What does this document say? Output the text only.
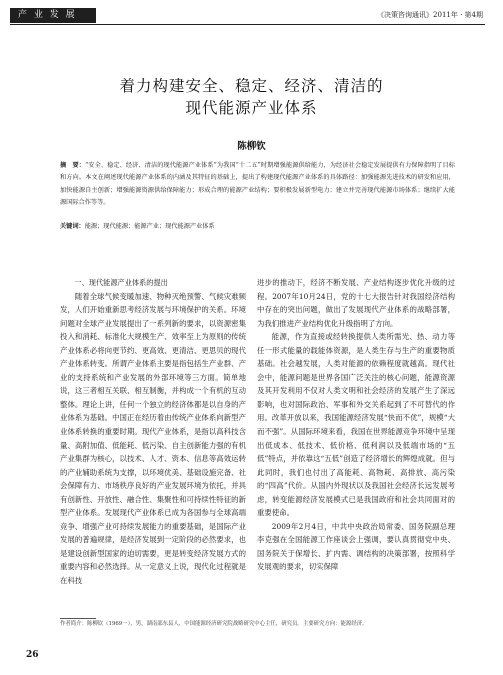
产 业 发 展	《决策咨询通讯》2011年 · 第4期
着力构建安全、稳定、经济、清洁的
现代能源产业体系
陈柳钦
摘　要：“安全、稳定、经济、清洁的现代能源产业体系”为我国“十二五”时期增强能源供给能力，为经济社会稳定发展提供有力保障指明了目标和方向。本文在阐述现代能源产业体系的内涵及其特征的基础上，提出了构建现代能源产业体系的具体路径：加强能源先进技术的研发和应用，加快能源自主创新；增强能源资源供给保障能力；形成合理的能源产业结构；要积极发展新型电力；建立并完善现代能源市场体系；继续扩大能源国际合作等等。
关键词：能源；现代能源；能源产业；现代能源产业体系

一、现代能源产业体系的提出

随着全球气候变暖加速、物种灭绝预警、气候灾难频发，人们开始重新思考经济发展与环境保护的关系。环境问题对全球产业发展提出了一系列新的要求，以资源密集投入和消耗、标准化大规模生产、效率至上为原则的传统产业体系必将向更节约、更高效、更清洁、更思贝的现代产业体系转变。所谓产业体系主要是指包括生产业群、产业的支持系统和产业发展的外部环境等三方面。简单地说，这三者相互关联、相互制衡，并构成一个有机的互动整体。理论上讲，任何一个独立的经济体都是以自身的产业体系为基础。中国正在经历着由传统产业体系向新型产业体系转换的重要时期。现代产业体系，是指以高科技含量、高附加值、低能耗、低污染、自主创新能力强的有机产业集群为核心，以技术、人才、资本、信息等高效运转的产业辅助系统为支撑，以环境优美、基础设施完备、社会保障有力、市场秩序良好的产业发展环境为依托，并具有创新性、开放性、融合性、集聚性和可持续性特征的新型产业体系。发展现代产业体系已成为各国参与全球高端竞争、增强产业可持续发展能力的重要基础，是国际产业发展的普遍规律，是经济发展到一定阶段的必然要求，也是建设创新型国家的迫切需要，更是转变经济发展方式的重要内容和必然选择。从一定意义上说，现代化过程就是在科技

进步的推动下，经济不断发展、产业结构逐步优化升级的过程。2007年10月24日，党的十七大报告针对我国经济结构中存在的突出问题，做出了发展现代产业体系的战略部署，为我们推进产业结构优化升级指明了方向。

能源，作为直接或经转换提供人类所需光、热、动力等任一形式能量的载能体资源，是人类生存与生产的重要物质基础。社会越发展，人类对能源的依赖程度就越高。现代社会中，能源问题是世界各国广泛关注的核心问题，能源资源及其开发利用不仅对人类文明和社会经济的发展产生了深远影响，也对国际政治、军事和外交关系起到了不可替代的作用。改革开放以来，我国能源经济发展“快而不优”，规模“大而不强”。从国际环境来看，我国在世界能源竞争环境中呈现出低成本、低技术、低价格、低利润以及低端市场的“五低”特点，并依靠这“五低”创造了经济增长的辉煌成就。但与此同时，我们也付出了高能耗、高物耗、高排放、高污染的“四高”代价。从国内外现状以及我国社会经济长远发展考虑，转变能源经济发展模式已是我国政府和社会共同面对的重要使命。

2009年2月4日，中共中央政治局常委、国务院副总理李克强在全国能源工作座谈会上强调，要认真贯彻党中央、国务院关于保增长、扩内需、调结构的决策部署，按照科学发展观的要求，切实保障

作者简介：陈柳钦（1969－），男，湖南邵东县人，中国能源经济研究院战略研究中心主任，研究员。主要研究方向：能源经济。
26
